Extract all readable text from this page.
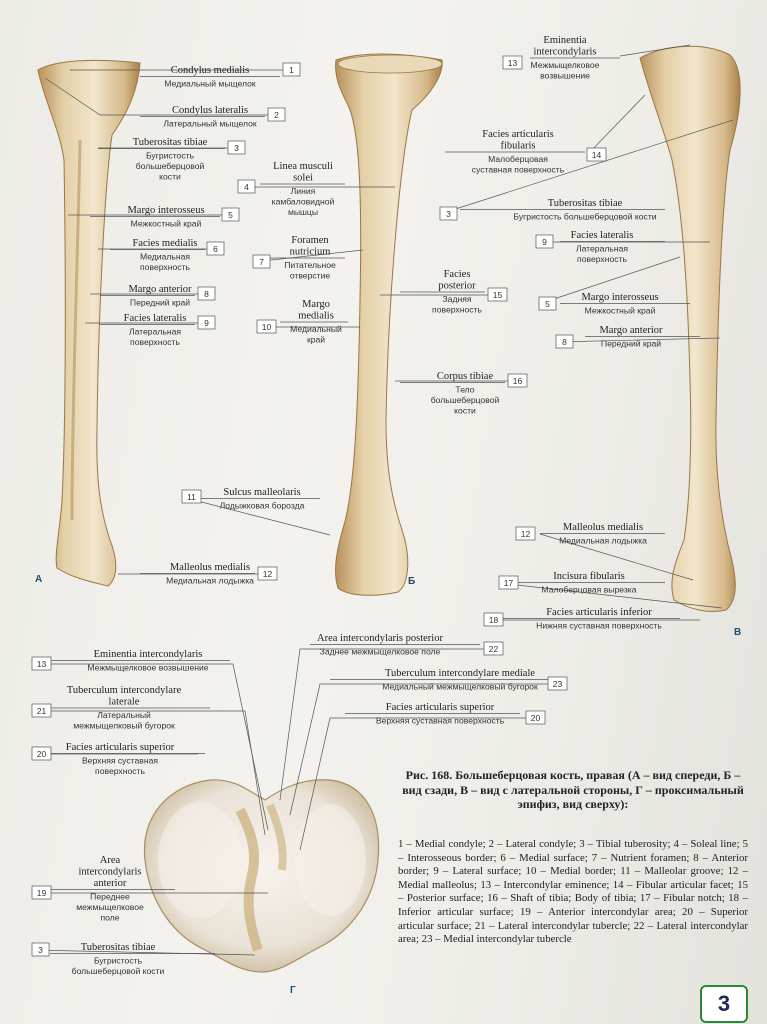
Condylus medialis
Медиальный мыщелок
1
Condylus lateralis
Латеральный мыщелок
2
Tuberositas tibiae
Бугристость
большеберцовой
кости
3
Margo interosseus
Межкостный край
5
Facies medialis
Медиальная
поверхность
6
Margo anterior
Передний край
8
Facies lateralis
Латеральная
поверхность
9
Malleolus medialis
Медиальная лодыжка
12
Linea musculi
solei
Линия
камбаловидной
мышцы
4
Foramen
nutricium
Питательное
отверстие
7
Margo
medialis
Медиальный
край
10
Facies
posterior
Задняя
поверхность
15
Corpus tibiae
Тело
большеберцовой
кости
16
Sulcus malleolaris
Лодыжковая борозда
11
Eminentia
intercondylaris
Межмыщелковое
возвышение
13
Facies articularis
fibularis
Малоберцовая
суставная поверхность
14
Tuberositas tibiae
Бугристость большеберцовой кости
3
Facies lateralis
Латеральная
поверхность
9
Margo interosseus
Межкостный край
5
Margo anterior
Передний край
8
Malleolus medialis
Медиальная лодыжка
12
Incisura fibularis
Малоберцовая вырезка
17
Facies articularis inferior
Нижняя суставная поверхность
18
Eminentia intercondylaris
Межмыщелковое возвышение
13
Tuberculum intercondylare
laterale
Латеральный
межмыщелковый бугорок
21
Facies articularis superior
Верхняя суставная
поверхность
20
Area
intercondylaris
anterior
Переднее
межмыщелковое
поле
19
Tuberositas tibiae
Бугристость
большеберцовой кости
3
Area intercondylaris posterior
Заднее межмыщелковое поле	22
Tuberculum intercondylare mediale
Медиальный межмыщелковый бугорок 23
Facies articularis superior
Верхняя суставная поверхность	20
А	Б
В
Г
Рис. 168. Большеберцовая кость, правая (А – вид спереди, Б – вид сзади, В – вид с латеральной стороны, Г – проксимальный эпифиз, вид сверху):
1 – Medial condyle; 2 – Lateral condyle; 3 – Tibial tuberosity; 4 – Soleal line; 5 – Interosseous border; 6 – Medial surface; 7 – Nutrient foramen; 8 – Anterior border; 9 – Lateral surface; 10 – Medial border; 11 – Malleolar groove; 12 – Medial malleolus; 13 – Intercondylar eminence; 14 – Fibular articular facet; 15 – Posterior surface; 16 – Shaft of tibia; Body of tibia; 17 – Fibular notch; 18 – Inferior articular surface; 19 – Anterior intercondylar area; 20 – Superior articular surface; 21 – Lateral intercondylar tubercle; 22 – Lateral intercondylar area; 23 – Medial intercondylar tubercle
3
